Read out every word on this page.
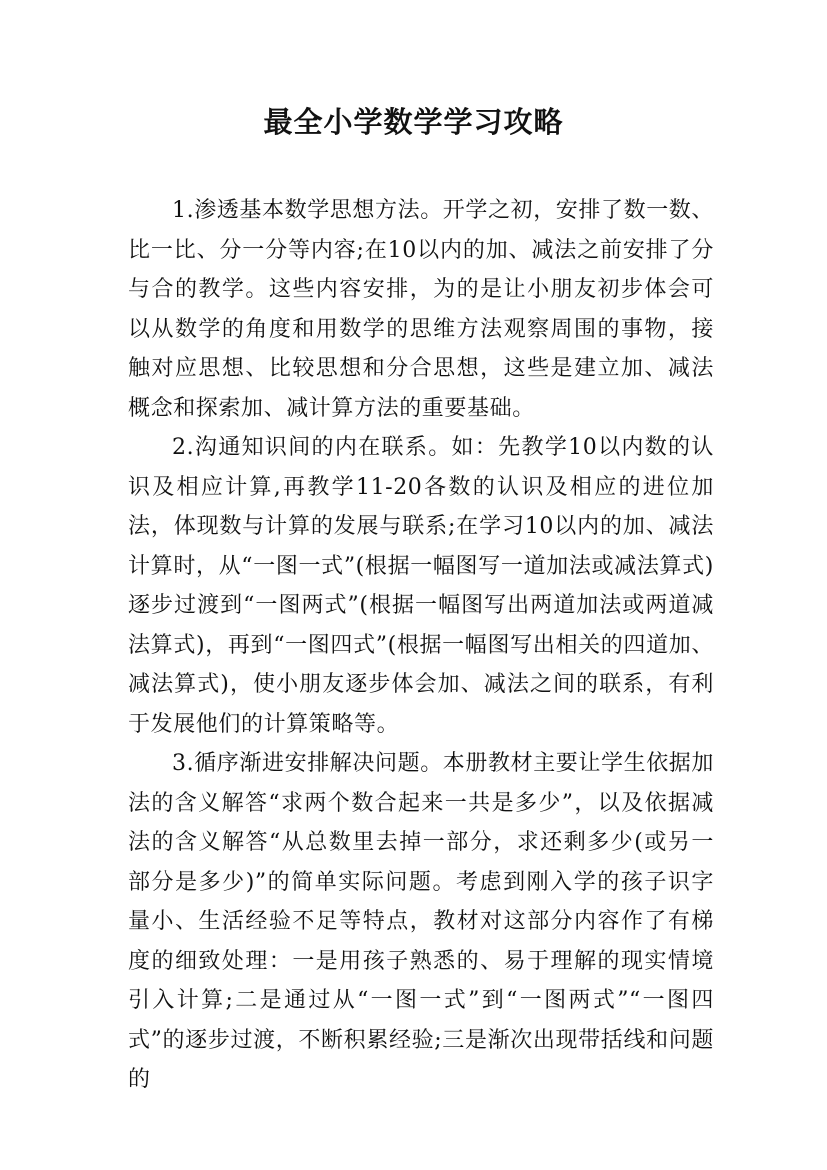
最全小学数学学习攻略

1.渗透基本数学思想方法。开学之初，安排了数一数、比一比、分一分等内容;在10以内的加、减法之前安排了分与合的教学。这些内容安排，为的是让小朋友初步体会可以从数学的角度和用数学的思维方法观察周围的事物，接触对应思想、比较思想和分合思想，这些是建立加、减法概念和探索加、减计算方法的重要基础。

2.沟通知识间的内在联系。如：先教学10以内数的认识及相应计算,再教学11-20各数的认识及相应的进位加法，体现数与计算的发展与联系;在学习10以内的加、减法计算时，从“一图一式”(根据一幅图写一道加法或减法算式)逐步过渡到“一图两式”(根据一幅图写出两道加法或两道减法算式)，再到“一图四式”(根据一幅图写出相关的四道加、减法算式)，使小朋友逐步体会加、减法之间的联系，有利于发展他们的计算策略等。

3.循序渐进安排解决问题。本册教材主要让学生依据加法的含义解答“求两个数合起来一共是多少”，以及依据减法的含义解答“从总数里去掉一部分，求还剩多少(或另一部分是多少)”的简单实际问题。考虑到刚入学的孩子识字量小、生活经验不足等特点，教材对这部分内容作了有梯度的细致处理：一是用孩子熟悉的、易于理解的现实情境引入计算;二是通过从“一图一式”到“一图两式”“一图四式”的逐步过渡，不断积累经验;三是渐次出现带括线和问题的
